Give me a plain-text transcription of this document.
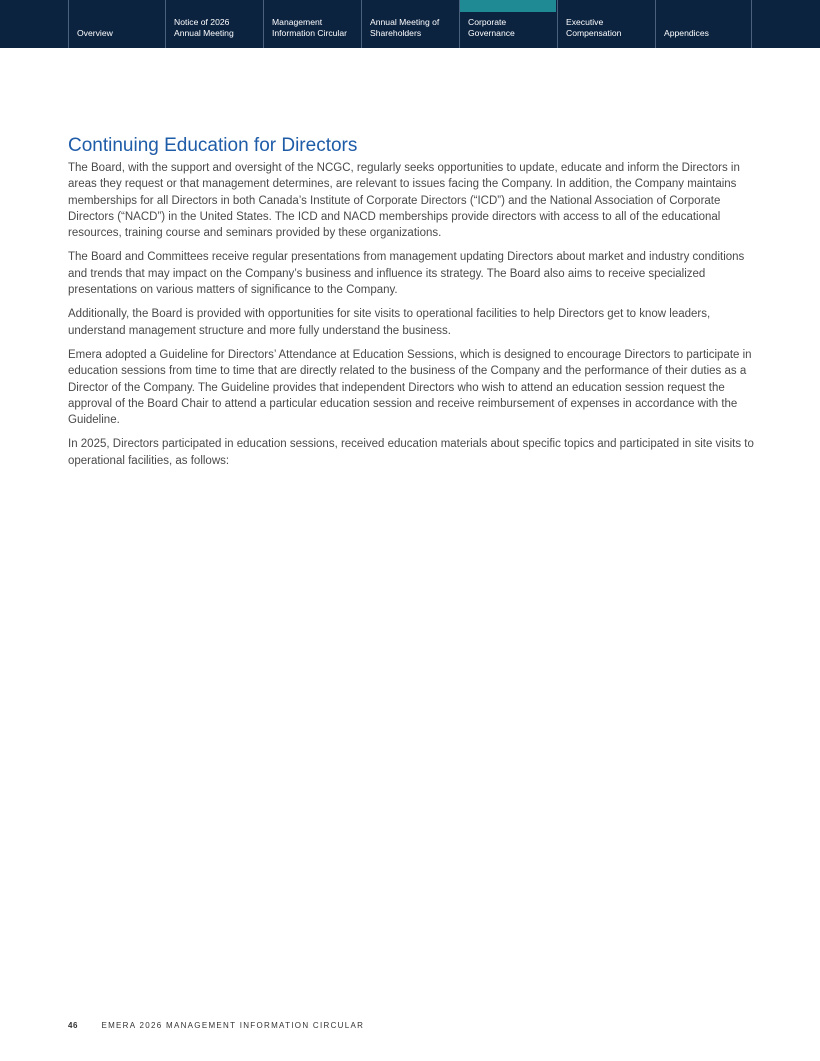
Overview
Notice of 2026
Annual Meeting
Management
Information Circular
Annual Meeting of
Shareholders
Corporate
Governance
Executive
Compensation	Appendices
Continuing Education for Directors

The Board, with the support and oversight of the NCGC, regularly seeks opportunities to update, educate and inform the Directors in areas they request or that management determines, are relevant to issues facing the Company. In addition, the Company maintains memberships for all Directors in both Canada’s Institute of Corporate Directors (“ICD”) and the National Association of Corporate Directors (“NACD”) in the United States. The ICD and NACD memberships provide directors with access to all of the educational resources, training course and seminars provided by these organizations.

The Board and Committees receive regular presentations from management updating Directors about market and industry conditions and trends that may impact on the Company’s business and influence its strategy. The Board also aims to receive specialized presentations on various matters of significance to the Company.

Additionally, the Board is provided with opportunities for site visits to operational facilities to help Directors get to know leaders, understand management structure and more fully understand the business.

Emera adopted a Guideline for Directors’ Attendance at Education Sessions, which is designed to encourage Directors to participate in education sessions from time to time that are directly related to the business of the Company and the performance of their duties as a Director of the Company. The Guideline provides that independent Directors who wish to attend an education session request the approval of the Board Chair to attend a particular education session and receive reimbursement of expenses in accordance with the Guideline.

In 2025, Directors participated in education sessions, received education materials about specific topics and participated in site visits to operational facilities, as follows:

46	EMERA 2026 MANAGEMENT INFORMATION CIRCULAR
